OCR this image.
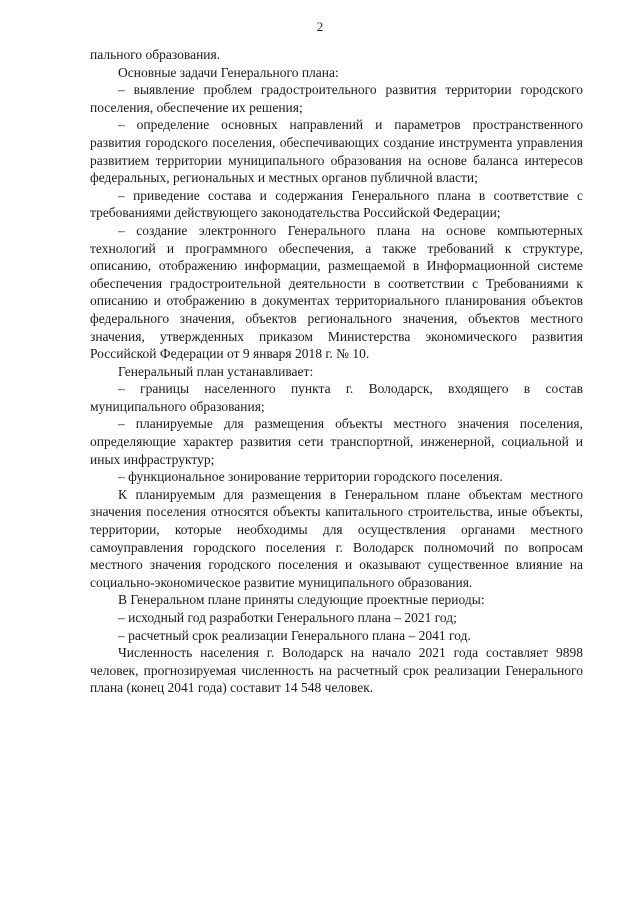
2

пального образования.

Основные задачи Генерального плана:

– выявление проблем градостроительного развития территории городского поселения, обеспечение их решения;

– определение основных направлений и параметров пространственного развития городского поселения, обеспечивающих создание инструмента управления развитием территории муниципального образования на основе баланса интересов федеральных, региональных и местных органов публичной власти;

– приведение состава и содержания Генерального плана в соответствие с требованиями действующего законодательства Российской Федерации;

– создание электронного Генерального плана на основе компьютерных технологий и программного обеспечения, а также требований к структуре, описанию, отображению информации, размещаемой в Информационной системе обеспечения градостроительной деятельности в соответствии с Требованиями к описанию и отображению в документах территориального планирования объектов федерального значения, объектов регионального значения, объектов местного значения, утвержденных приказом Министерства экономического развития Российской Федерации от 9 января 2018 г. № 10.

Генеральный план устанавливает:

– границы населенного пункта г. Володарск, входящего в состав муниципального образования;

– планируемые для размещения объекты местного значения поселения, определяющие характер развития сети транспортной, инженерной, социальной и иных инфраструктур;

– функциональное зонирование территории городского поселения.

К планируемым для размещения в Генеральном плане объектам местного значения поселения относятся объекты капитального строительства, иные объекты, территории, которые необходимы для осуществления органами местного самоуправления городского поселения г. Володарск полномочий по вопросам местного значения городского поселения и оказывают существенное влияние на социально-экономическое развитие муниципального образования.

В Генеральном плане приняты следующие проектные периоды:

– исходный год разработки Генерального плана – 2021 год;

– расчетный срок реализации Генерального плана – 2041 год.

Численность населения г. Володарск на начало 2021 года составляет 9898 человек, прогнозируемая численность на расчетный срок реализации Генерального плана (конец 2041 года) составит 14 548 человек.
